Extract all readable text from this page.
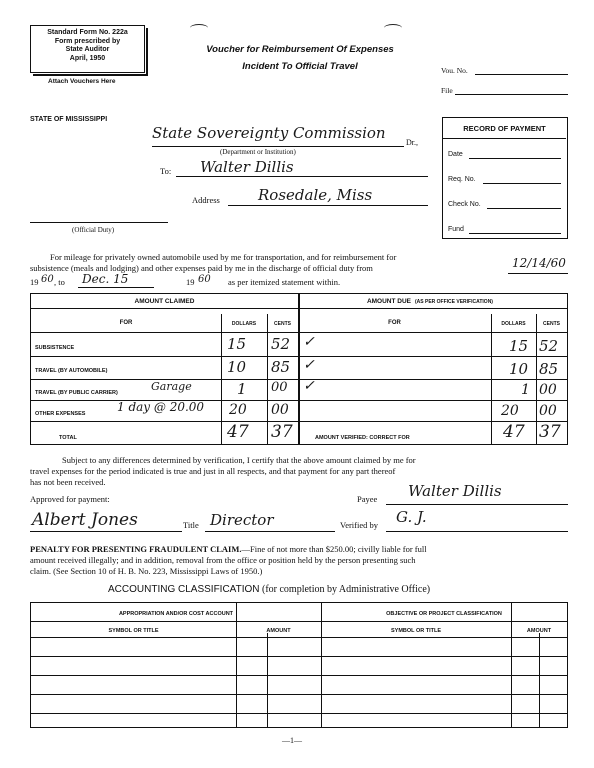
Standard Form No. 222a
Form prescribed by
State Auditor
April, 1950
Attach Vouchers Here
Voucher for Reimbursement Of Expenses
Incident To Official Travel	Vou. No.
File
STATE OF MISSISSIPPI
State Sovereignty Commission
Dr.,
(Department or Institution)
To: Walter Dillis
Address	Rosedale, Miss
(Official Duty)
RECORD OF PAYMENT
Date
Req. No.
Check No.
Fund
For mileage for privately owned automobile used by me for transportation, and for reimbursement for
subsistence (meals and lodging) and other expenses paid by me in the discharge of official duty from	12/14/60
19 60 , to Dec. 15	19 60 as per itemized statement within.
AMOUNT CLAIMED	AMOUNT DUE (AS PER OFFICE VERIFICATION)
FOR	DOLLARS	CENTS	FOR	DOLLARS	CENTS
SUBSISTENCE	15 52 ✓	15 52
TRAVEL (BY AUTOMOBILE)	10 85 ✓	10 85
TRAVEL (BY PUBLIC CARRIER)	Garage	1 00 ✓	1 00
OTHER EXPENSES	1 day @ 20.00 20 00	20 00
TOTAL	47 37	AMOUNT VERIFIED: CORRECT FOR	47 37
Subject to any differences determined by verification, I certify that the above amount claimed by me for
travel expenses for the period indicated is true and just in all respects, and that payment for any part thereof
has not been received.
Approved for payment:	Payee Walter Dillis
Albert Jones	Title Director	Verified by G. J.
PENALTY FOR PRESENTING FRAUDULENT CLAIM.—Fine of not more than $250.00; civilly liable for full
amount received illegally; and in addition, removal from the office or position held by the person presenting such
claim. (See Section 10 of H. B. No. 223, Mississippi Laws of 1950.)
ACCOUNTING CLASSIFICATION (for completion by Administrative Office)
APPROPRIATION AND/OR COST ACCOUNT	OBJECTIVE OR PROJECT CLASSIFICATION
SYMBOL OR TITLE	AMOUNT	SYMBOL OR TITLE	AMOUNT
—1—
